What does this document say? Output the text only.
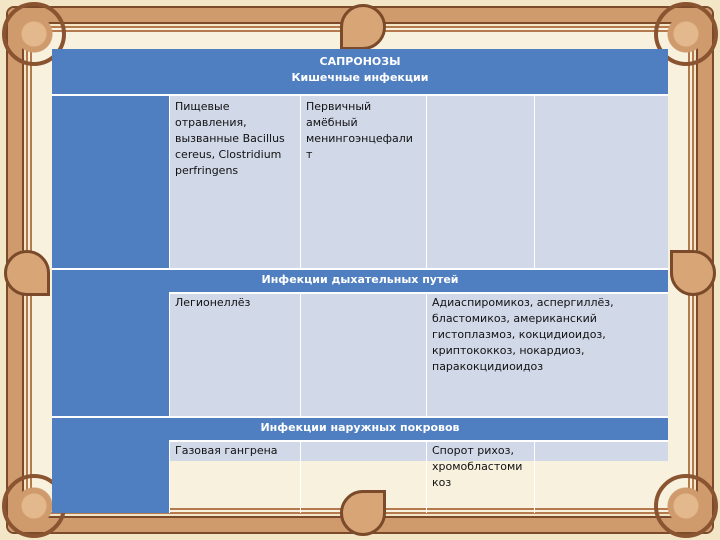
САПРОНОЗЫ
Кишечные инфекции
Пищевые отравления, вызванные Bacillus cereus, Clostridium perfringens
Первичный амёбный менингоэнцефали т
Инфекции дыхательных путей
Легионеллёз	Адиаспиромикоз, аспергиллёз, бластомикоз, американский гистоплазмоз, кокцидиоидоз, криптококкоз, нокардиоз, паракокцидиоидоз
Инфекции наружных покровов
Газовая гангрена	Спорот рихоз, хромобластоми коз
